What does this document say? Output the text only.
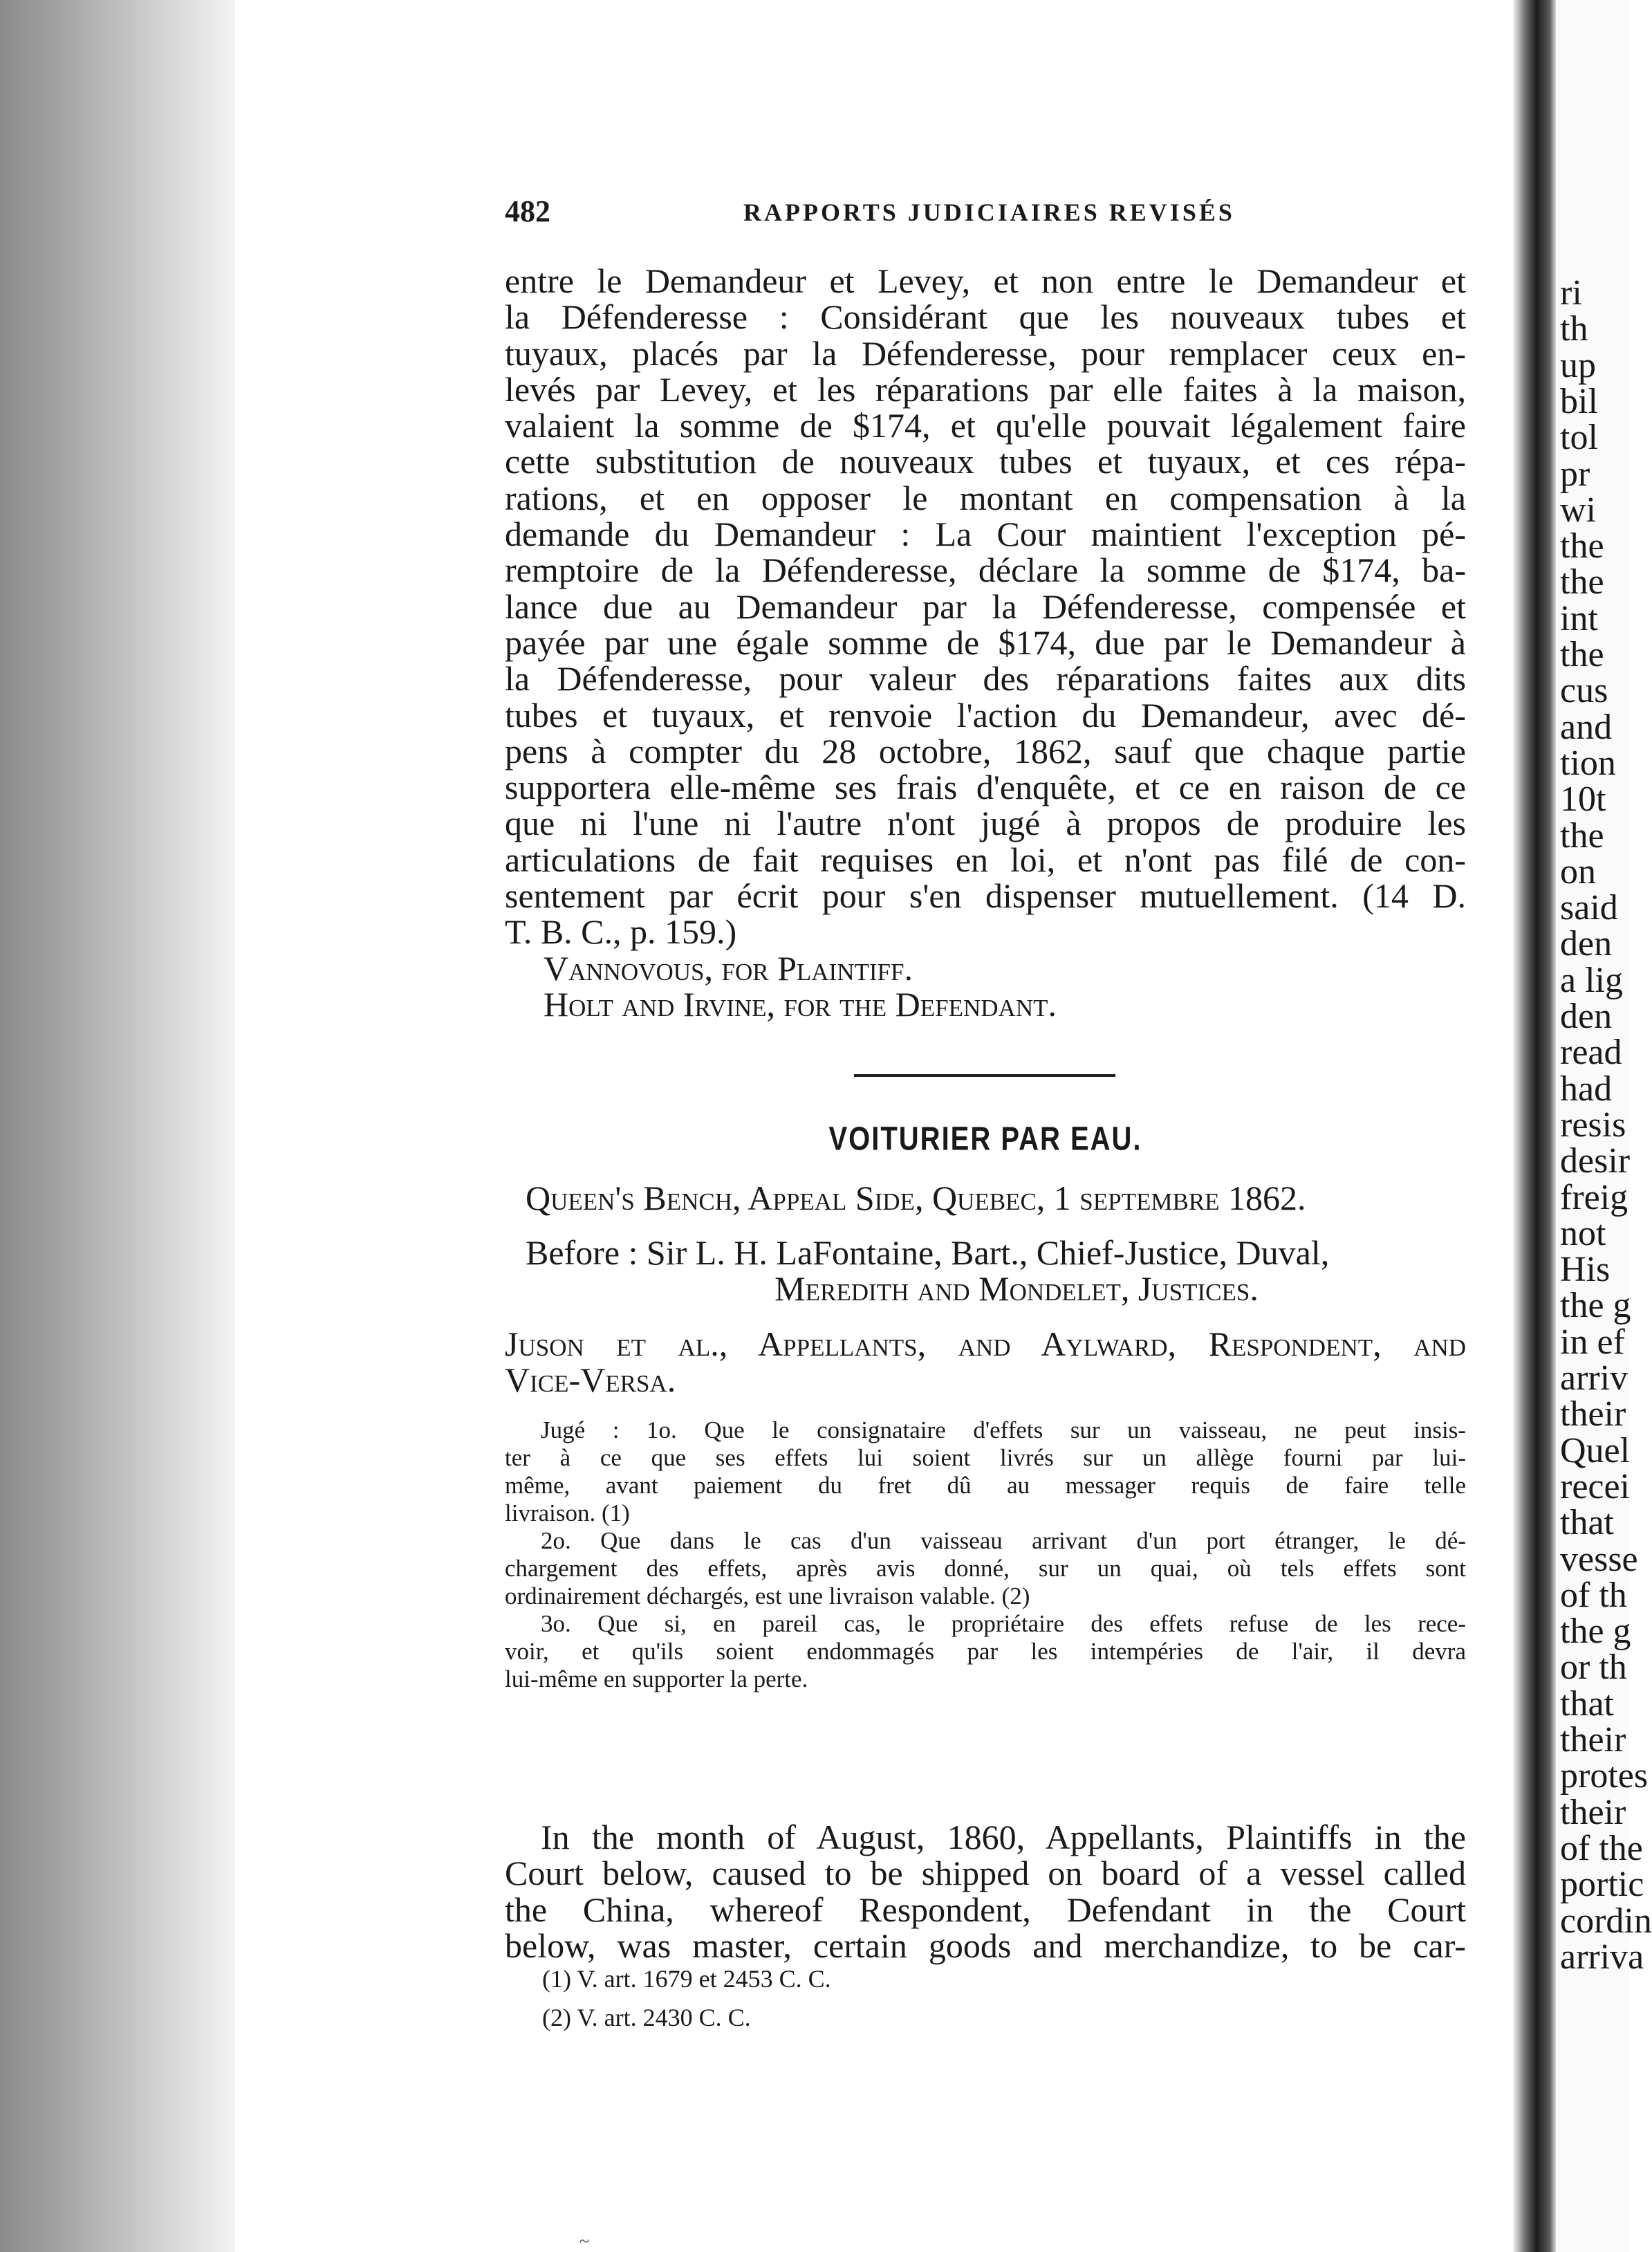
482	RAPPORTS JUDICIAIRES REVISÉS
entre le Demandeur et Levey, et non entre le Demandeur et
la Défenderesse : Considérant que les nouveaux tubes et
tuyaux, placés par la Défenderesse, pour remplacer ceux en-
levés par Levey, et les réparations par elle faites à la maison,
valaient la somme de $174, et qu'elle pouvait légalement faire
cette substitution de nouveaux tubes et tuyaux, et ces répa-
rations, et en opposer le montant en compensation à la
demande du Demandeur : La Cour maintient l'exception pé-
remptoire de la Défenderesse, déclare la somme de $174, ba-
lance due au Demandeur par la Défenderesse, compensée et
payée par une égale somme de $174, due par le Demandeur à
la Défenderesse, pour valeur des réparations faites aux dits
tubes et tuyaux, et renvoie l'action du Demandeur, avec dé-
pens à compter du 28 octobre, 1862, sauf que chaque partie
supportera elle-même ses frais d'enquête, et ce en raison de ce
que ni l'une ni l'autre n'ont jugé à propos de produire les
articulations de fait requises en loi, et n'ont pas filé de con-
sentement par écrit pour s'en dispenser mutuellement. (14 D.
T. B. C., p. 159.)
Vannovous, for Plaintiff.
Holt and Irvine, for the Defendant.
VOITURIER PAR EAU.
Queen's Bench, Appeal Side, Quebec, 1 septembre 1862.
Before : Sir L. H. LaFontaine, Bart., Chief-Justice, Duval,
Meredith and Mondelet, Justices.
Juson et al., Appellants, and Aylward, Respondent, and
Vice-Versa.
Jugé : 1o. Que le consignataire d'effets sur un vaisseau, ne peut insis-
ter à ce que ses effets lui soient livrés sur un allège fourni par lui-
même, avant paiement du fret dû au messager requis de faire telle
livraison. (1)
2o. Que dans le cas d'un vaisseau arrivant d'un port étranger, le dé-
chargement des effets, après avis donné, sur un quai, où tels effets sont
ordinairement déchargés, est une livraison valable. (2)
3o. Que si, en pareil cas, le propriétaire des effets refuse de les rece-
voir, et qu'ils soient endommagés par les intempéries de l'air, il devra
lui-même en supporter la perte.
In the month of August, 1860, Appellants, Plaintiffs in the
Court below, caused to be shipped on board of a vessel called
the China, whereof Respondent, Defendant in the Court
below, was master, certain goods and merchandize, to be car-
(1) V. art. 1679 et 2453 C. C.
(2) V. art. 2430 C. C.
ri
th
up
bil
tol
pr
wi
the
the
int
the
cus
and
tion
10t
the
on
said
den
a lig
den
read
had
resis
desir
freig
not
His
the g
in ef
arriv
their
Quel
recei
that
vesse
of th
the g
or th
that
their
protes
their
of the
portic
cordin
arriva
~
